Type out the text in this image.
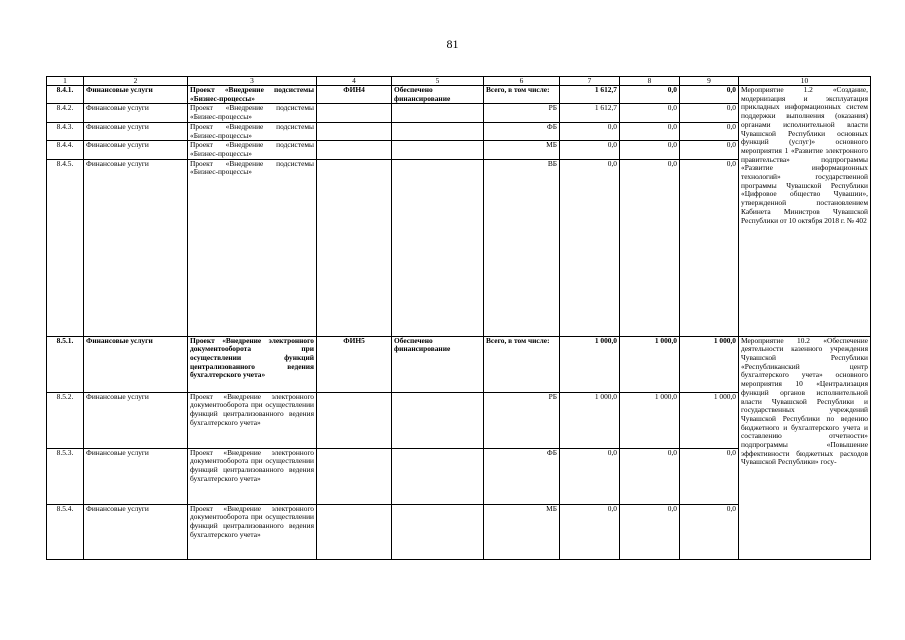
81
1	2	3	4	5	6	7	8	9	10
8.4.1.	Финансовые услуги	Проект «Внедрение подсистемы «Бизнес-процессы»	ФИН4	Обеспечено финансирование	Всего, в том числе:	1 612,7	0,0	0,0	Мероприятие 1.2 «Создание, модернизация и эксплуатация прикладных информационных систем поддержки выполнения (оказания) органами исполнительной власти Чувашской Республики основных функций (услуг)» основного мероприятия 1 «Развитие электронного правительства» подпрограммы «Развитие информационных технологий» государственной программы Чувашской Республики «Цифровое общество Чувашии», утвержденной постановлением Кабинета Министров Чувашской Республики от 10 октября 2018 г. № 402
8.4.2.	Финансовые услуги	Проект «Внедрение подсистемы «Бизнес-процессы»			РБ	1 612,7	0,0	0,0	
8.4.3.	Финансовые услуги	Проект «Внедрение подсистемы «Бизнес-процессы»			ФБ	0,0	0,0	0,0	
8.4.4.	Финансовые услуги	Проект «Внедрение подсистемы «Бизнес-процессы»			МБ	0,0	0,0	0,0	
8.4.5.	Финансовые услуги	Проект «Внедрение подсистемы «Бизнес-процессы»			ВБ	0,0	0,0	0,0	
8.5.1.	Финансовые услуги	Проект «Внедрение электронного документооборота при осуществлении функций централизованного ведения бухгалтерского учета»	ФИН5	Обеспечено финансирование	Всего, в том числе:	1 000,0	1 000,0	1 000,0	Мероприятие 10.2 «Обеспечение деятельности казенного учреждения Чувашской Республики «Республиканский центр бухгалтерского учета» основного мероприятия 10 «Централизация функций органов исполнительной власти Чувашской Республики и государственных учреждений Чувашской Республики по ведению бюджетного и бухгалтерского учета и составлению отчетности» подпрограммы «Повышение эффективности бюджетных расходов Чувашской Республики» госу-
8.5.2.	Финансовые услуги	Проект «Внедрение электронного документооборота при осуществлении функций централизованного ведения бухгалтерского учета»			РБ	1 000,0	1 000,0	1 000,0	
8.5.3.	Финансовые услуги	Проект «Внедрение электронного документооборота при осуществлении функций централизованного ведения бухгалтерского учета»			ФБ	0,0	0,0	0,0	
8.5.4.	Финансовые услуги	Проект «Внедрение электронного документооборота при осуществлении функций централизованного ведения бухгалтерского учета»			МБ	0,0	0,0	0,0	
